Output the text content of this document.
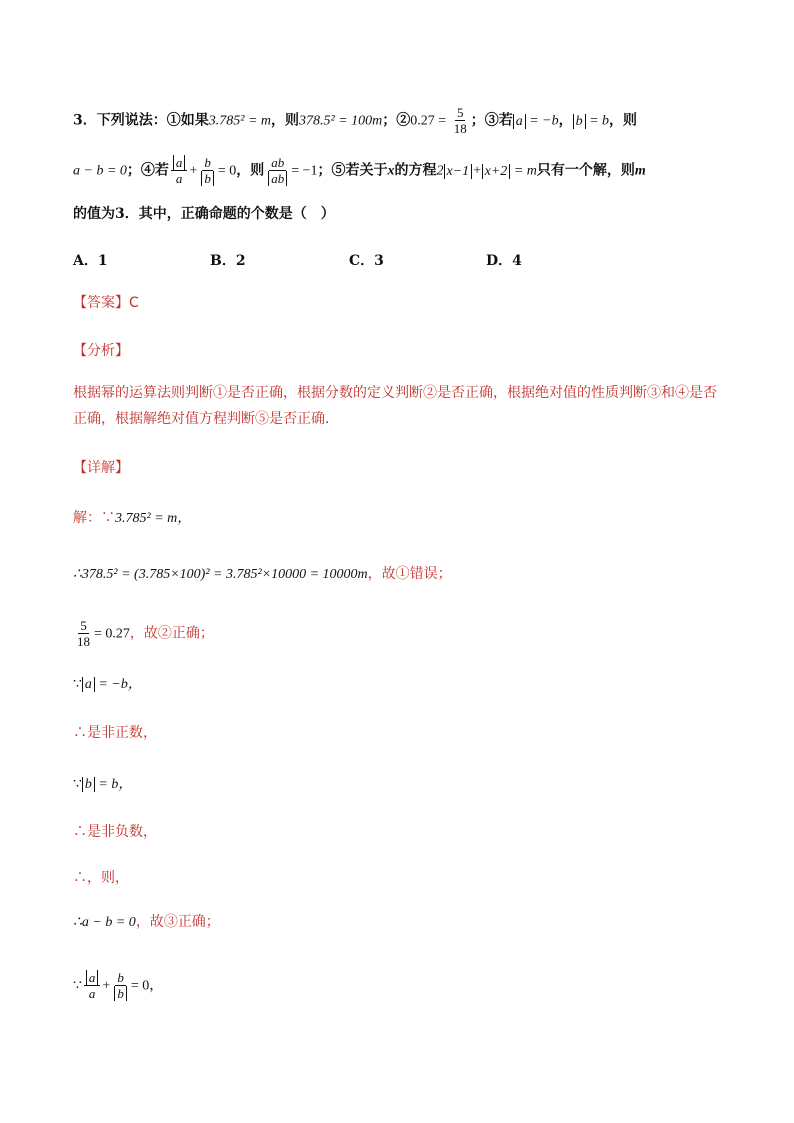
3．下列说法：①如果3.785² = m，则378.5² = 100m；②0.27 = $\frac{5}{18}$ ；③若 a = −b， b = b，则
a − b = 0；④若 $\frac{a}{a} + \frac{b}{b} = 0$，则 $\frac{ab}{ab} = -1$；⑤若关于x的方程2 x−1 + x+2 = m只有一个解，则m
的值为3．其中，正确命题的个数是（　）
A．1	B．2	C．3	D．4
【答案】C
【分析】
根据幂的运算法则判断①是否正确，根据分数的定义判断②是否正确，根据绝对值的性质判断③和④是否正确，根据解绝对值方程判断⑤是否正确．
【详解】
解：∵3.785² = m，
∴378.5² = (3.785×100)² = 3.785²×10000 = 10000m，故①错误；
$\frac{5}{18} = 0.27$，故②正确；
∵ a = −b，
∴是非正数，
∵ b = b，
∴是非负数，
∴，则，
∴a − b = 0，故③正确；
∵ $\frac{a}{a} + \frac{b}{b} = 0$，
